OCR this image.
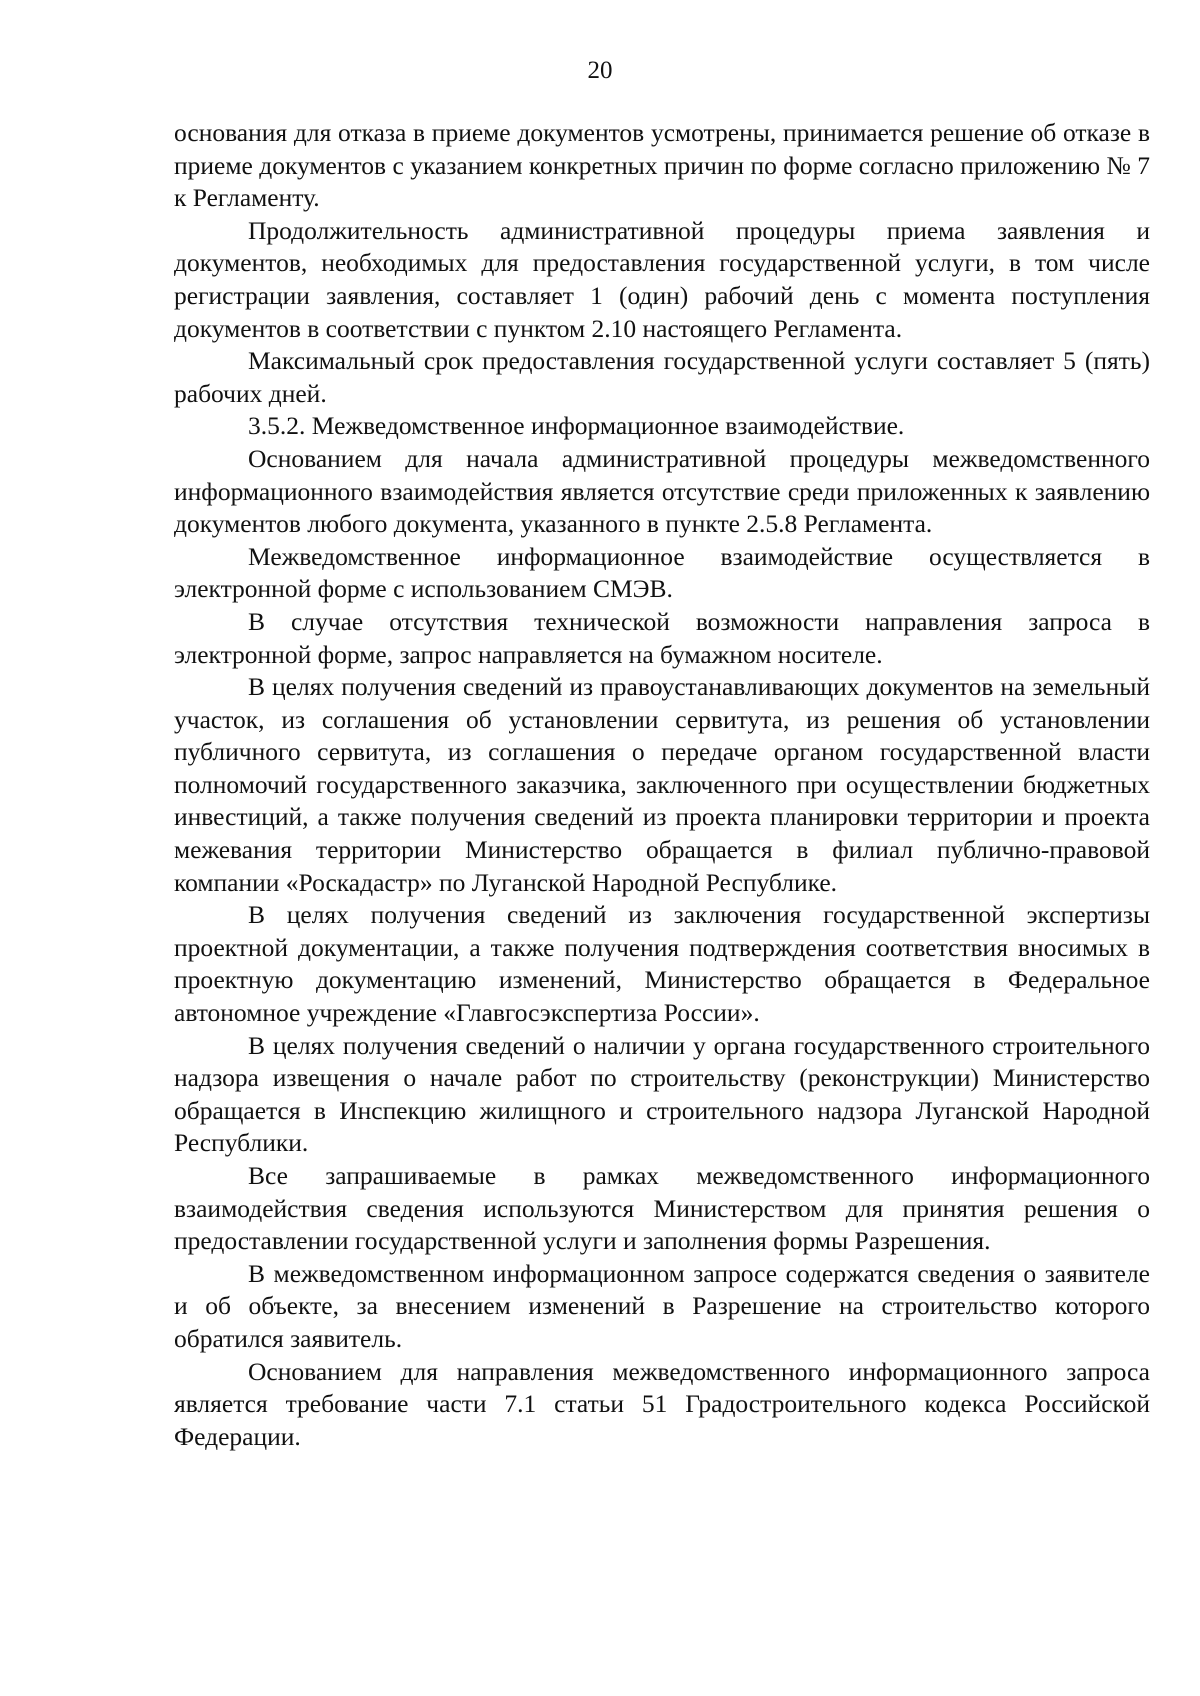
20

основания для отказа в приеме документов усмотрены, принимается решение об отказе в приеме документов с указанием конкретных причин по форме согласно приложению № 7 к Регламенту.

Продолжительность административной процедуры приема заявления и документов, необходимых для предоставления государственной услуги, в том числе регистрации заявления, составляет 1 (один) рабочий день с момента поступления документов в соответствии с пунктом 2.10 настоящего Регламента.

Максимальный срок предоставления государственной услуги составляет 5 (пять) рабочих дней.

3.5.2. Межведомственное информационное взаимодействие.

Основанием для начала административной процедуры межведомственного информационного взаимодействия является отсутствие среди приложенных к заявлению документов любого документа, указанного в пункте 2.5.8 Регламента.

Межведомственное информационное взаимодействие осуществляется в электронной форме с использованием СМЭВ.

В случае отсутствия технической возможности направления запроса в электронной форме, запрос направляется на бумажном носителе.

В целях получения сведений из правоустанавливающих документов на земельный участок, из соглашения об установлении сервитута, из решения об установлении публичного сервитута, из соглашения о передаче органом государственной власти полномочий государственного заказчика, заключенного при осуществлении бюджетных инвестиций, а также получения сведений из проекта планировки территории и проекта межевания территории Министерство обращается в филиал публично-правовой компании «Роскадастр» по Луганской Народной Республике.

В целях получения сведений из заключения государственной экспертизы проектной документации, а также получения подтверждения соответствия вносимых в проектную документацию изменений, Министерство обращается в Федеральное автономное учреждение «Главгосэкспертиза России».

В целях получения сведений о наличии у органа государственного строительного надзора извещения о начале работ по строительству (реконструкции) Министерство обращается в Инспекцию жилищного и строительного надзора Луганской Народной Республики.

Все запрашиваемые в рамках межведомственного информационного взаимодействия сведения используются Министерством для принятия решения о предоставлении государственной услуги и заполнения формы Разрешения.

В межведомственном информационном запросе содержатся сведения о заявителе и об объекте, за внесением изменений в Разрешение на строительство которого обратился заявитель.

Основанием для направления межведомственного информационного запроса является требование части 7.1 статьи 51 Градостроительного кодекса Российской Федерации.
